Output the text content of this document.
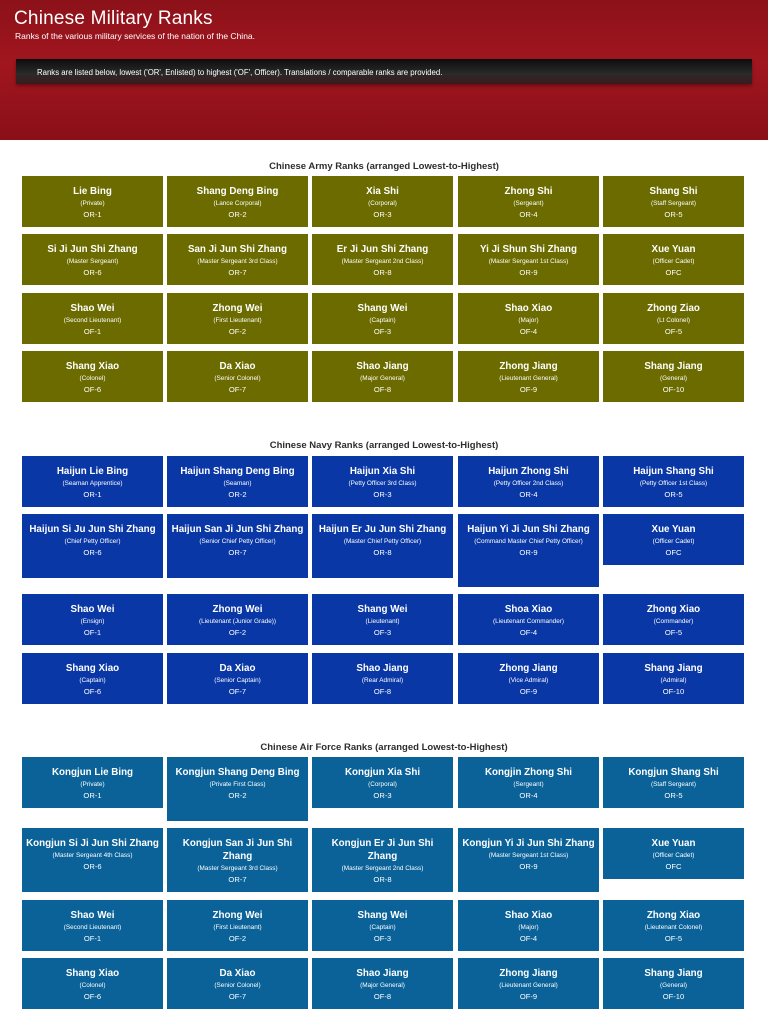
Chinese Military Ranks
Ranks of the various military services of the nation of the China.
Ranks are listed below, lowest ('OR', Enlisted) to highest ('OF', Officer). Translations / comparable ranks are provided.
Chinese Army Ranks (arranged Lowest-to-Highest)
Lie Bing
(Private)
OR-1
Shang Deng Bing
(Lance Corporal)
OR-2
Xia Shi
(Corporal)
OR-3
Zhong Shi
(Sergeant)
OR-4
Shang Shi
(Staff Sergeant)
OR-5
Si Ji Jun Shi Zhang
(Master Sergeant)
OR-6
San Ji Jun Shi Zhang
(Master Sergeant 3rd Class)
OR-7
Er Ji Jun Shi Zhang
(Master Sergeant 2nd Class)
OR-8
Yi Ji Shun Shi Zhang
(Master Sergeant 1st Class)
OR-9
Xue Yuan
(Officer Cadet)
OFC
Shao Wei
(Second Lieutenant)
OF-1
Zhong Wei
(First Lieutenant)
OF-2
Shang Wei
(Captain)
OF-3
Shao Xiao
(Major)
OF-4
Zhong Ziao
(Lt Colonel)
OF-5
Shang Xiao
(Colonel)
OF-6
Da Xiao
(Senior Colonel)
OF-7
Shao Jiang
(Major General)
OF-8
Zhong Jiang
(Lieutenant General)
OF-9
Shang Jiang
(General)
OF-10
Chinese Navy Ranks (arranged Lowest-to-Highest)
Haijun Lie Bing
(Seaman Apprentice)
OR-1
Haijun Shang Deng Bing
(Seaman)
OR-2
Haijun Xia Shi
(Petty Officer 3rd Class)
OR-3
Haijun Zhong Shi
(Petty Officer 2nd Class)
OR-4
Haijun Shang Shi
(Petty Officer 1st Class)
OR-5
Haijun Si Ju Jun Shi Zhang
(Chief Petty Officer)
OR-6
Haijun San Ji Jun Shi Zhang
(Senior Chief Petty Officer)
OR-7
Haijun Er Ju Jun Shi Zhang
(Master Chief Petty Officer)
OR-8
Haijun Yi Ji Jun Shi Zhang
(Command Master Chief Petty Officer)
OR-9
Xue Yuan
(Officer Cadet)
OFC
Shao Wei
(Ensign)
OF-1
Zhong Wei
(Lieutenant (Junior Grade))
OF-2
Shang Wei
(Lieutenant)
OF-3
Shoa Xiao
(Lieutenant Commander)
OF-4
Zhong Xiao
(Commander)
OF-5
Shang Xiao
(Captain)
OF-6
Da Xiao
(Senior Captain)
OF-7
Shao Jiang
(Rear Admiral)
OF-8
Zhong Jiang
(Vice Admiral)
OF-9
Shang Jiang
(Admiral)
OF-10
Chinese Air Force Ranks (arranged Lowest-to-Highest)
Kongjun Lie Bing
(Private)
OR-1
Kongjun Shang Deng Bing
(Private First Class)
OR-2
Kongjun Xia Shi
(Corporal)
OR-3
Kongjin Zhong Shi
(Sergeant)
OR-4
Kongjun Shang Shi
(Staff Sergeant)
OR-5
Kongjun Si Ji Jun Shi Zhang
(Master Sergeant 4th Class)
OR-6
Kongjun San Ji Jun Shi Zhang
(Master Sergeant 3rd Class)
OR-7
Kongjun Er Ji Jun Shi Zhang
(Master Sergeant 2nd Class)
OR-8
Kongjun Yi Ji Jun Shi Zhang
(Master Sergeant 1st Class)
OR-9
Xue Yuan
(Officer Cadet)
OFC
Shao Wei
(Second Lieutenant)
OF-1
Zhong Wei
(First Lieutenant)
OF-2
Shang Wei
(Captain)
OF-3
Shao Xiao
(Major)
OF-4
Zhong Xiao
(Lieutenant Colonel)
OF-5
Shang Xiao
(Colonel)
OF-6
Da Xiao
(Senior Colonel)
OF-7
Shao Jiang
(Major General)
OF-8
Zhong Jiang
(Lieutenant General)
OF-9
Shang Jiang
(General)
OF-10
